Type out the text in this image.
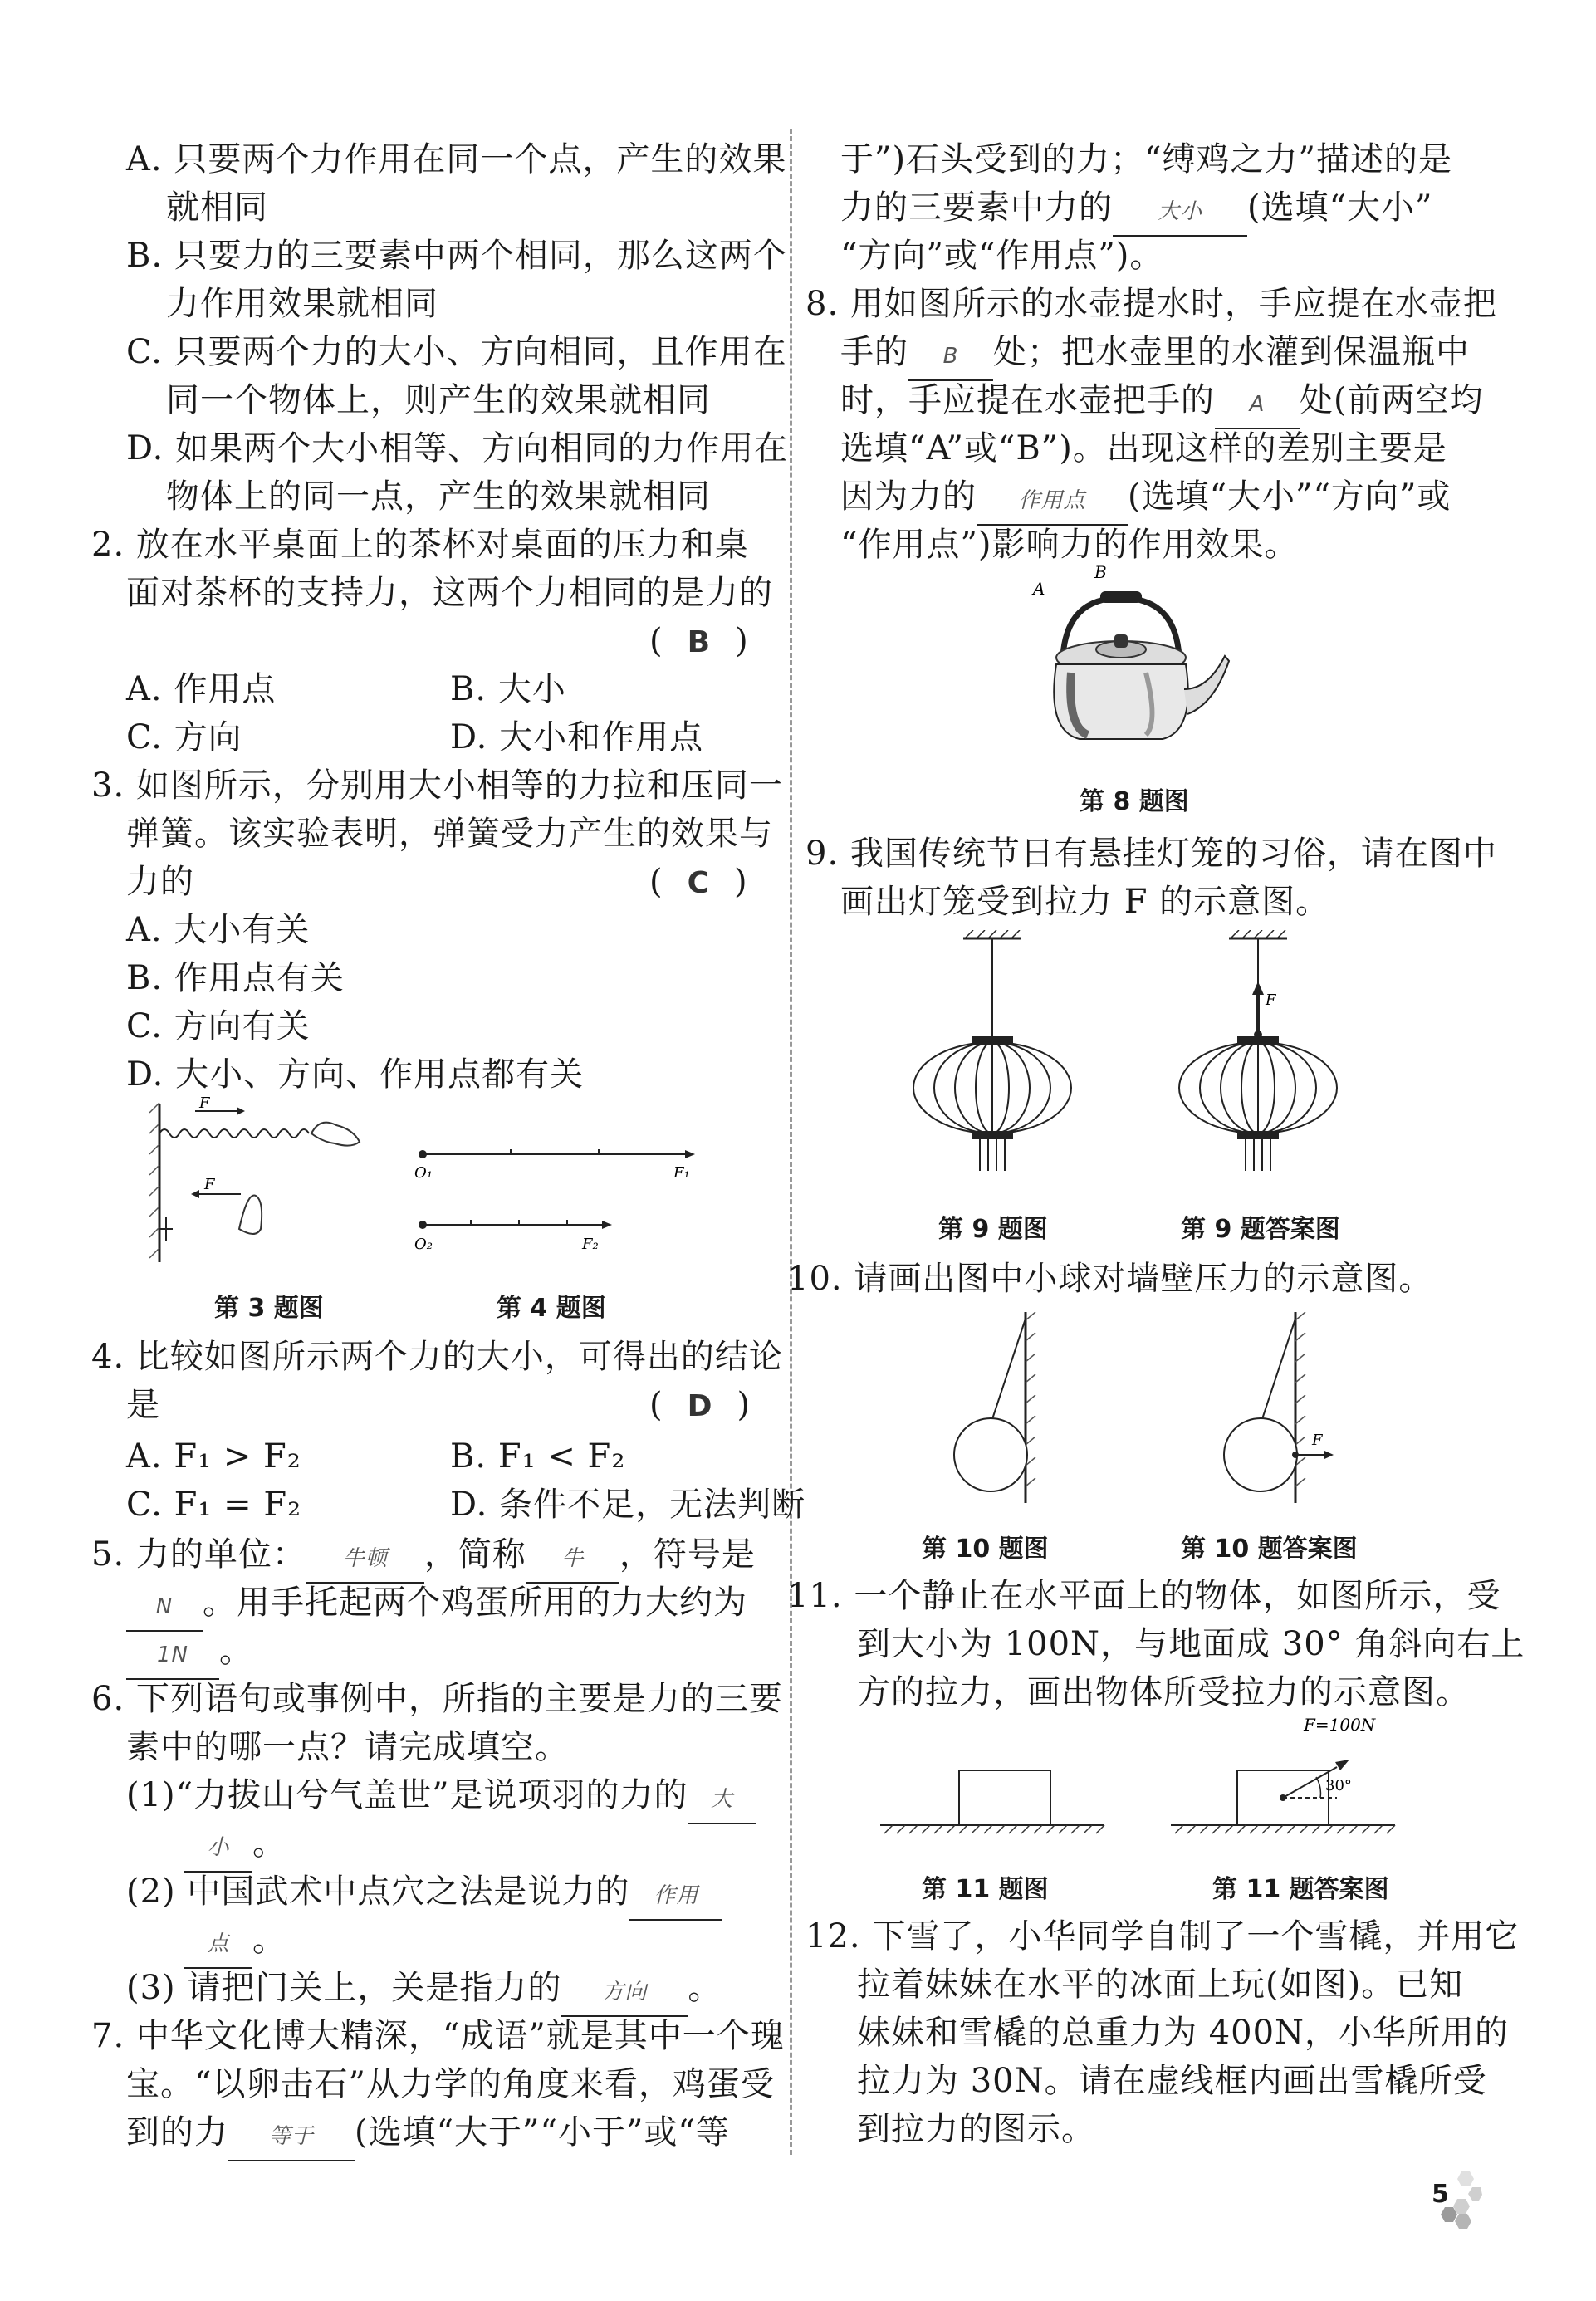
A. 只要两个力作用在同一个点，产生的效果
就相同
B. 只要力的三要素中两个相同，那么这两个
力作用效果就相同
C. 只要两个力的大小、方向相同，且作用在
同一个物体上，则产生的效果就相同
D. 如果两个大小相等、方向相同的力作用在
物体上的同一点，产生的效果就相同
2. 放在水平桌面上的茶杯对桌面的压力和桌
面对茶杯的支持力，这两个力相同的是力的
( B )
A. 作用点	B. 大小
C. 方向	D. 大小和作用点
3. 如图所示，分别用大小相等的力拉和压同一
弹簧。该实验表明，弹簧受力产生的效果与
力的	( C )
A. 大小有关
B. 作用点有关
C. 方向有关
D. 大小、方向、作用点都有关
F
F
第 3 题图
O₁	F₁
O₂	F₂
第 4 题图
4. 比较如图所示两个力的大小，可得出的结论
是	( D )
A. F₁ > F₂	B. F₁ < F₂
C. F₁ = F₂	D. 条件不足，无法判断
5. 力的单位： 牛顿 ，简称 牛 ，符号是
N 。用手托起两个鸡蛋所用的力大约为
1N 。
6. 下列语句或事例中，所指的主要是力的三要
素中的哪一点？请完成填空。
(1)“力拔山兮气盖世”是说项羽的力的 大
小 。
(2) 中国武术中点穴之法是说力的 作用
点 。
(3) 请把门关上，关是指力的 方向 。
7. 中华文化博大精深，“成语”就是其中一个瑰
宝。“以卵击石”从力学的角度来看，鸡蛋受
到的力 等于 (选填“大于”“小于”或“等
于”)石头受到的力；“缚鸡之力”描述的是
力的三要素中力的 大小 (选填“大小”
“方向”或“作用点”)。
8. 用如图所示的水壶提水时，手应提在水壶把
手的 B 处；把水壶里的水灌到保温瓶中
时，手应提在水壶把手的 A 处(前两空均
选填“A”或“B”)。出现这样的差别主要是
因为力的 作用点 (选填“大小”“方向”或
“作用点”)影响力的作用效果。
A
B
第 8 题图
9. 我国传统节日有悬挂灯笼的习俗，请在图中
画出灯笼受到拉力 F 的示意图。
F
第 9 题图	第 9 题答案图
10. 请画出图中小球对墙壁压力的示意图。
F
第 10 题图	第 10 题答案图
11. 一个静止在水平面上的物体，如图所示，受
到大小为 100N，与地面成 30° 角斜向右上
方的拉力，画出物体所受拉力的示意图。
F=100N
30°
第 11 题图	第 11 题答案图
12. 下雪了，小华同学自制了一个雪橇，并用它
拉着妹妹在水平的冰面上玩(如图)。已知
妹妹和雪橇的总重力为 400N，小华所用的
拉力为 30N。请在虚线框内画出雪橇所受
到拉力的图示。
5
